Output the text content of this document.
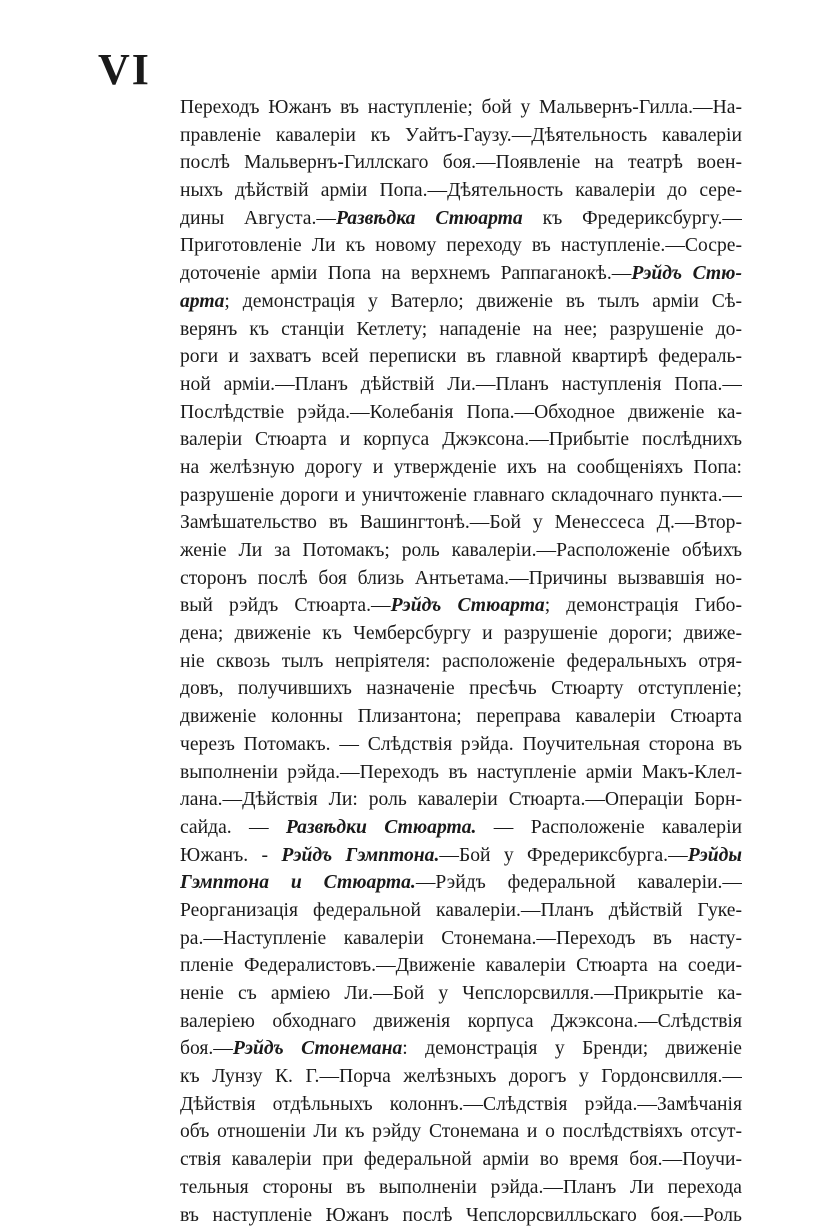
VI
Переходъ Южанъ въ наступленіе; бой у Мальвернъ-Гилла.—На-
правленіе кавалеріи къ Уайтъ-Гаузу.—Дѣятельность кавалеріи
послѣ Мальвернъ-Гиллскаго боя.—Появленіе на театрѣ воен-
ныхъ дѣйствій арміи Попа.—Дѣятельность кавалеріи до сере-
дины Августа.—Развѣдка Стюарта къ Фредериксбургу.—
Приготовленіе Ли къ новому переходу въ наступленіе.—Сосре-
доточеніе арміи Попа на верхнемъ Раппаганокѣ.—Рэйдъ Стю-
арта; демонстрація у Ватерло; движеніе въ тылъ арміи Сѣ-
верянъ къ станціи Кетлету; нападеніе на нее; разрушеніе до-
роги и захватъ всей переписки въ главной квартирѣ федераль-
ной арміи.—Планъ дѣйствій Ли.—Планъ наступленія Попа.—
Послѣдствіе рэйда.—Колебанія Попа.—Обходное движеніе ка-
валеріи Стюарта и корпуса Джэксона.—Прибытіе послѣднихъ
на желѣзную дорогу и утвержденіе ихъ на сообщеніяхъ Попа:
разрушеніе дороги и уничтоженіе главнаго складочнаго пункта.—
Замѣшательство въ Вашингтонѣ.—Бой у Менессеса Д.—Втор-
женіе Ли за Потомакъ; роль кавалеріи.—Расположеніе обѣихъ
сторонъ послѣ боя близь Антьетама.—Причины вызвавшія но-
вый рэйдъ Стюарта.—Рэйдъ Стюарта; демонстрація Гибо-
дена; движеніе къ Чемберсбургу и разрушеніе дороги; движе-
ніе сквозь тылъ непріятеля: расположеніе федеральныхъ отря-
довъ, получившихъ назначеніе пресѣчь Стюарту отступленіе;
движеніе колонны Плизантона; переправа кавалеріи Стюарта
черезъ Потомакъ. — Слѣдствія рэйда. Поучительная сторона въ
выполненіи рэйда.—Переходъ въ наступленіе арміи Макъ-Клел-
лана.—Дѣйствія Ли: роль кавалеріи Стюарта.—Операціи Борн-
сайда. — Развѣдки Стюарта. — Расположеніе кавалеріи
Южанъ. - Рэйдъ Гэмптона.—Бой у Фредериксбурга.—Рэйды
Гэмптона и Стюарта.—Рэйдъ федеральной кавалеріи.—
Реорганизація федеральной кавалеріи.—Планъ дѣйствій Гуке-
ра.—Наступленіе кавалеріи Стонемана.—Переходъ въ насту-
пленіе Федералистовъ.—Движеніе кавалеріи Стюарта на соеди-
неніе съ арміею Ли.—Бой у Чепслорсвилля.—Прикрытіе ка-
валеріею обходнаго движенія корпуса Джэксона.—Слѣдствія
боя.—Рэйдъ Стонемана: демонстрація у Бренди; движеніе
къ Лунзу К. Г.—Порча желѣзныхъ дорогъ у Гордонсвилля.—
Дѣйствія отдѣльныхъ колоннъ.—Слѣдствія рэйда.—Замѣчанія
объ отношеніи Ли къ рэйду Стонемана и о послѣдствіяхъ отсут-
ствія кавалеріи при федеральной арміи во время боя.—Поучи-
тельныя стороны въ выполненіи рэйда.—Планъ Ли перехода
въ наступленіе Южанъ послѣ Чепслорсвилльскаго боя.—Роль
